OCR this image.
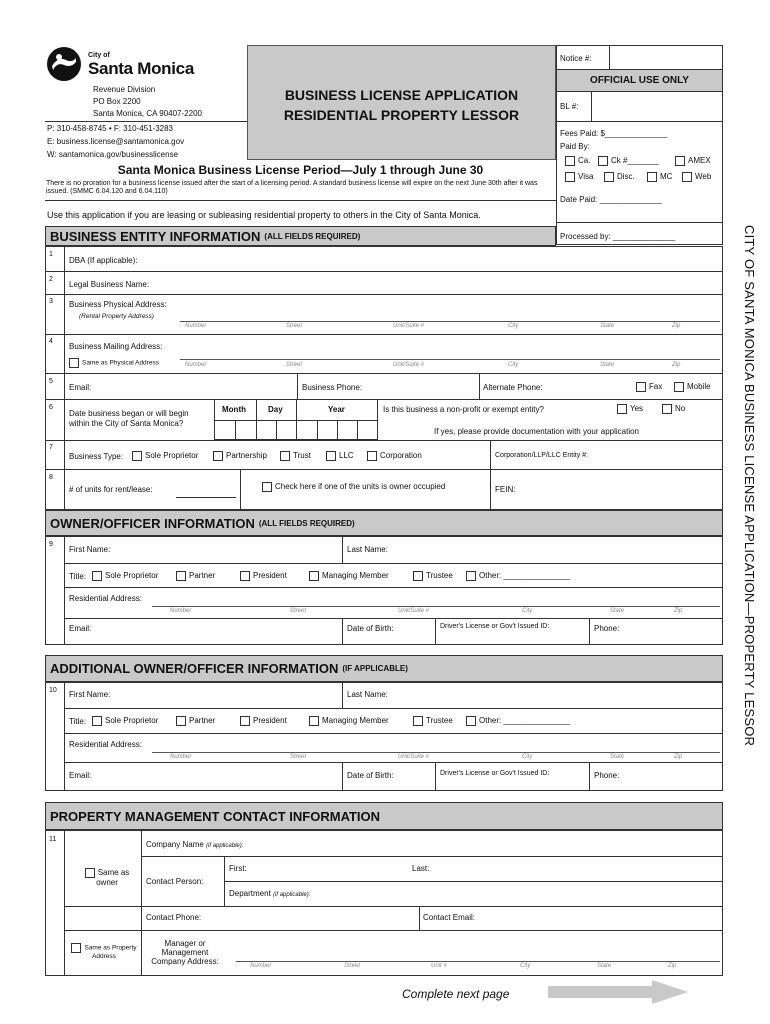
City of
Santa Monica
Revenue Division
PO Box 2200
Santa Monica, CA 90407-2200
P: 310-458-8745 • F: 310-451-3283
E: business.license@santamonica.gov
W: santamonica.gov/businesslicense
BUSINESS LICENSE APPLICATION
RESIDENTIAL PROPERTY LESSOR
Santa Monica Business License Period—July 1 through June 30
There is no proration for a business license issued after the start of a licensing period. A standard business license will expire on the next June 30th after it was issued. (SMMC 6.04.120 and 6.04.110)
Use this application if you are leasing or subleasing residential property to others in the City of Santa Monica.
Notice #:
OFFICIAL USE ONLY
BL #:
Fees Paid: $______________
Paid By:
Ca.	Ck #_______	AMEX
Visa	Disc.	MC	Web
Date Paid: ______________
Processed by: ______________	CITY OF SANTA MONICA BUSINESS LICENSE APPLICATION—PROPERTY LESSOR
BUSINESS ENTITY INFORMATION (ALL FIELDS REQUIRED)
1
2
3
4
5
6
7
8
DBA (If applicable):
Legal Business Name:
Business Physical Address:
(Rental Property Address)
Number	Street	Unit/Suite #	City	State	Zip
Business Mailing Address:
Same as Physical Address	Number	Street	Unit/Suite #	City	State	Zip
Email:	Business Phone:	Alternate Phone:	Fax	Mobile
Date business began or will begin within the City of Santa Monica?
Month	Day	Year	Is this business a non-profit or exempt entity?	Yes	No
If yes, please provide documentation with your application
Business Type:	Sole Proprietor	Partnership	Trust	LLC	Corporation	Corporation/LLP/LLC Entity #:
# of units for rent/lease:	Check here if one of the units is owner occupied	FEIN:
OWNER/OFFICER INFORMATION (ALL FIELDS REQUIRED)
9
First Name:	Last Name:
Title:	Sole Proprietor	Partner	President	Managing Member	Trustee	Other: _______________
Residential Address:
Number	Street	Unit/Suite #	City	State	Zip
Email:	Date of Birth:	Driver's License or Gov't Issued ID:	Phone:
ADDITIONAL OWNER/OFFICER INFORMATION (IF APPLICABLE)
10 First Name:	Last Name:
Title:	Sole Proprietor	Partner	President	Managing Member	Trustee	Other: _______________
Residential Address:
Number	Street	Unit/Suite #	City	State	Zip
Email:	Date of Birth:	Driver's License or Gov't Issued ID:	Phone:
PROPERTY MANAGEMENT CONTACT INFORMATION
11
Company Name (if applicable):
Same as owner
First:	Last:
Contact Person:
Department (if applicable):
Contact Phone:	Contact Email:
Same as Property Address
Manager or Management Company Address:	Number	Street	Unit #	City	State	Zip
Complete next page
